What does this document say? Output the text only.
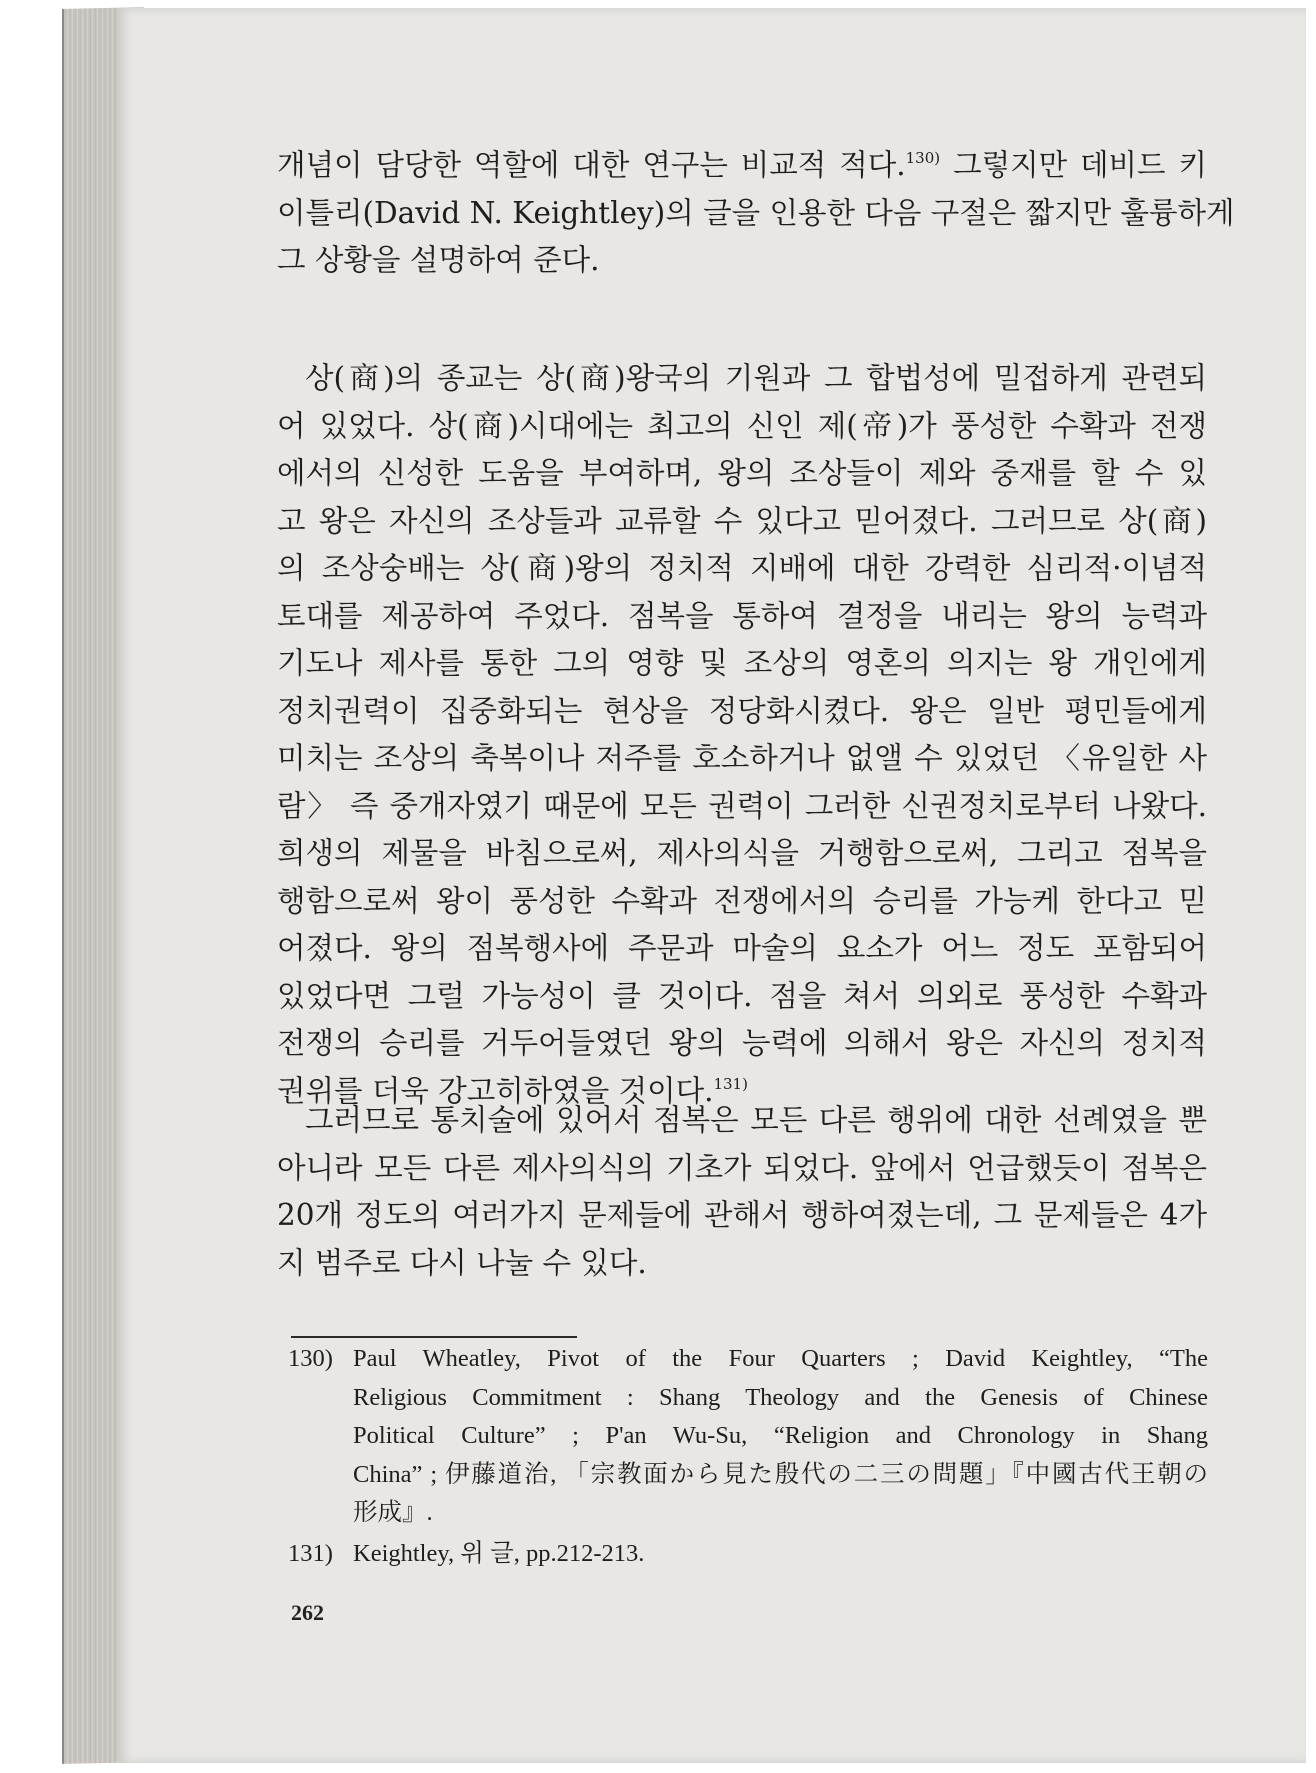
개념이 담당한 역할에 대한 연구는 비교적 적다.$^{130)}$ 그렇지만 데비드 키
이틀리(David N. Keightley)의 글을 인용한 다음 구절은 짧지만 훌륭하게
그 상황을 설명하여 준다.
상(商)의 종교는 상(商)왕국의 기원과 그 합법성에 밀접하게 관련되
어 있었다. 상(商)시대에는 최고의 신인 제(帝)가 풍성한 수확과 전쟁
에서의 신성한 도움을 부여하며, 왕의 조상들이 제와 중재를 할 수 있
고 왕은 자신의 조상들과 교류할 수 있다고 믿어졌다. 그러므로 상(商)
의 조상숭배는 상(商)왕의 정치적 지배에 대한 강력한 심리적·이념적
토대를 제공하여 주었다. 점복을 통하여 결정을 내리는 왕의 능력과
기도나 제사를 통한 그의 영향 및 조상의 영혼의 의지는 왕 개인에게
정치권력이 집중화되는 현상을 정당화시켰다. 왕은 일반 평민들에게
미치는 조상의 축복이나 저주를 호소하거나 없앨 수 있었던 〈유일한 사
람〉 즉 중개자였기 때문에 모든 권력이 그러한 신권정치로부터 나왔다.
희생의 제물을 바침으로써, 제사의식을 거행함으로써, 그리고 점복을
행함으로써 왕이 풍성한 수확과 전쟁에서의 승리를 가능케 한다고 믿
어졌다. 왕의 점복행사에 주문과 마술의 요소가 어느 정도 포함되어
있었다면 그럴 가능성이 클 것이다. 점을 쳐서 의외로 풍성한 수확과
전쟁의 승리를 거두어들였던 왕의 능력에 의해서 왕은 자신의 정치적
권위를 더욱 강고히하였을 것이다.$^{131)}$
그러므로 통치술에 있어서 점복은 모든 다른 행위에 대한 선례였을 뿐
아니라 모든 다른 제사의식의 기초가 되었다. 앞에서 언급했듯이 점복은
20개 정도의 여러가지 문제들에 관해서 행하여졌는데, 그 문제들은 4가
지 범주로 다시 나눌 수 있다.
130) Paul Wheatley, Pivot of the Four Quarters ; David Keightley, “The
Religious Commitment : Shang Theology and the Genesis of Chinese
Political Culture” ; P'an Wu-Su, “Religion and Chronology in Shang
China” ; 伊藤道治, 「宗教面から見た殷代の二三の問題」『中國古代王朝の
形成』.
131) Keightley, 위 글, pp.212-213.
262
